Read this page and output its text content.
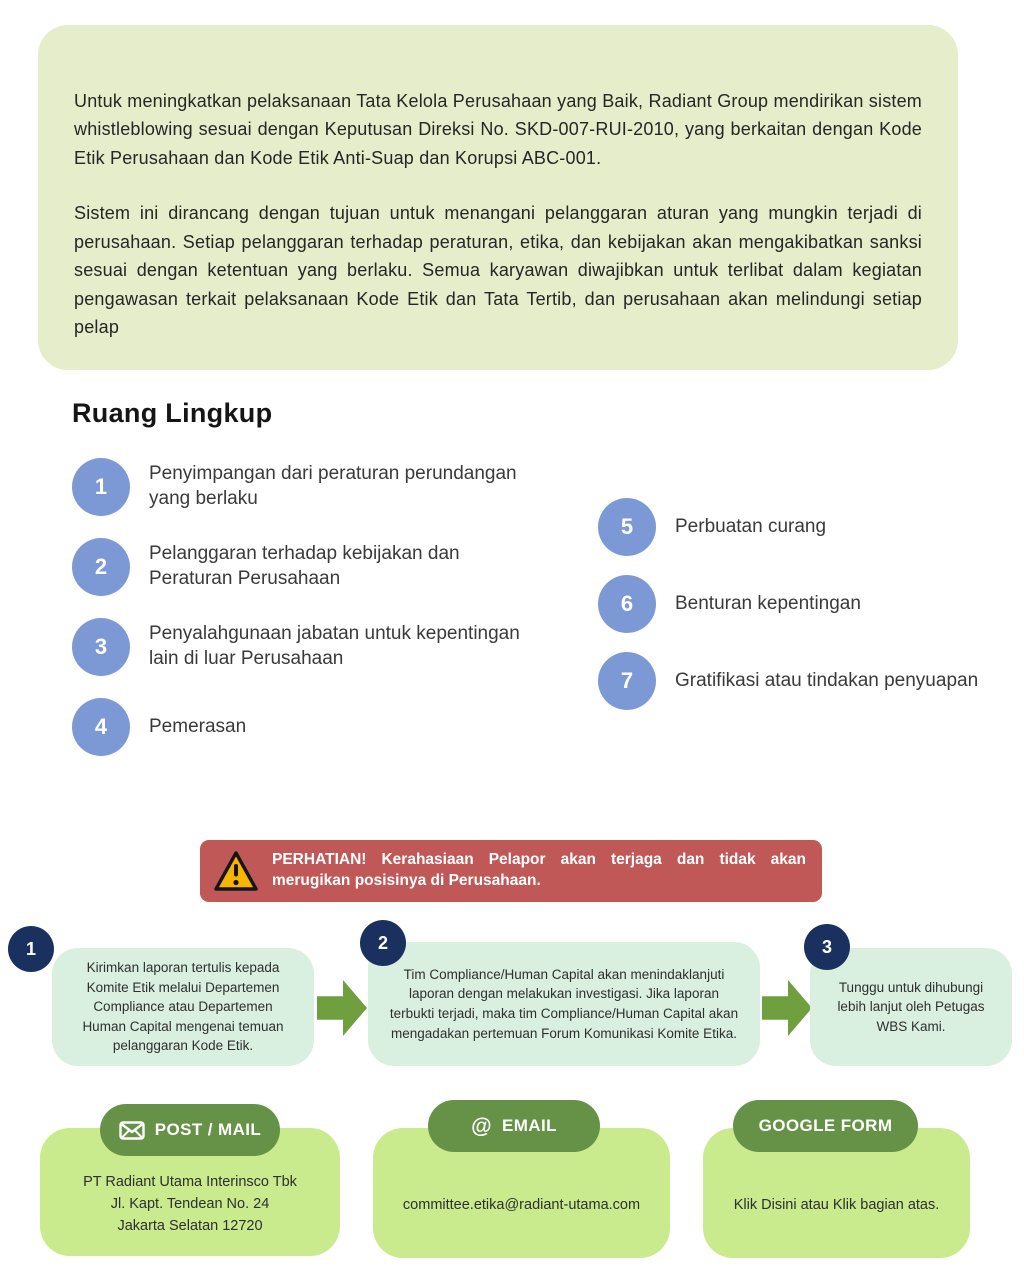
Untuk meningkatkan pelaksanaan Tata Kelola Perusahaan yang Baik, Radiant Group mendirikan sistem whistleblowing sesuai dengan Keputusan Direksi No. SKD-007-RUI-2010, yang berkaitan dengan Kode Etik Perusahaan dan Kode Etik Anti-Suap dan Korupsi ABC-001.

Sistem ini dirancang dengan tujuan untuk menangani pelanggaran aturan yang mungkin terjadi di perusahaan. Setiap pelanggaran terhadap peraturan, etika, dan kebijakan akan mengakibatkan sanksi sesuai dengan ketentuan yang berlaku. Semua karyawan diwajibkan untuk terlibat dalam kegiatan pengawasan terkait pelaksanaan Kode Etik dan Tata Tertib, dan perusahaan akan melindungi setiap pelap

Ruang Lingkup
1
Penyimpangan dari peraturan perundangan yang berlaku
2
Pelanggaran terhadap kebijakan dan Peraturan Perusahaan
3
Penyalahgunaan jabatan untuk kepentingan lain di luar Perusahaan
4	Pemerasan
5	Perbuatan curang
6	Benturan kepentingan
7	Gratifikasi atau tindakan penyuapan
PERHATIAN! Kerahasiaan Pelapor akan terjaga dan tidak akan merugikan posisinya di Perusahaan.
1
Kirimkan laporan tertulis kepada Komite Etik melalui Departemen Compliance atau Departemen Human Capital mengenai temuan pelanggaran Kode Etik.
2
Tim Compliance/Human Capital akan menindaklanjuti laporan dengan melakukan investigasi. Jika laporan terbukti terjadi, maka tim Compliance/Human Capital akan mengadakan pertemuan Forum Komunikasi Komite Etika.
3
Tunggu untuk dihubungi lebih lanjut oleh Petugas WBS Kami.
POST / MAIL
PT Radiant Utama Interinsco Tbk
Jl. Kapt. Tendean No. 24
Jakarta Selatan 12720
@ EMAIL
committee.etika@radiant-utama.com
GOOGLE FORM
Klik Disini atau Klik bagian atas.
